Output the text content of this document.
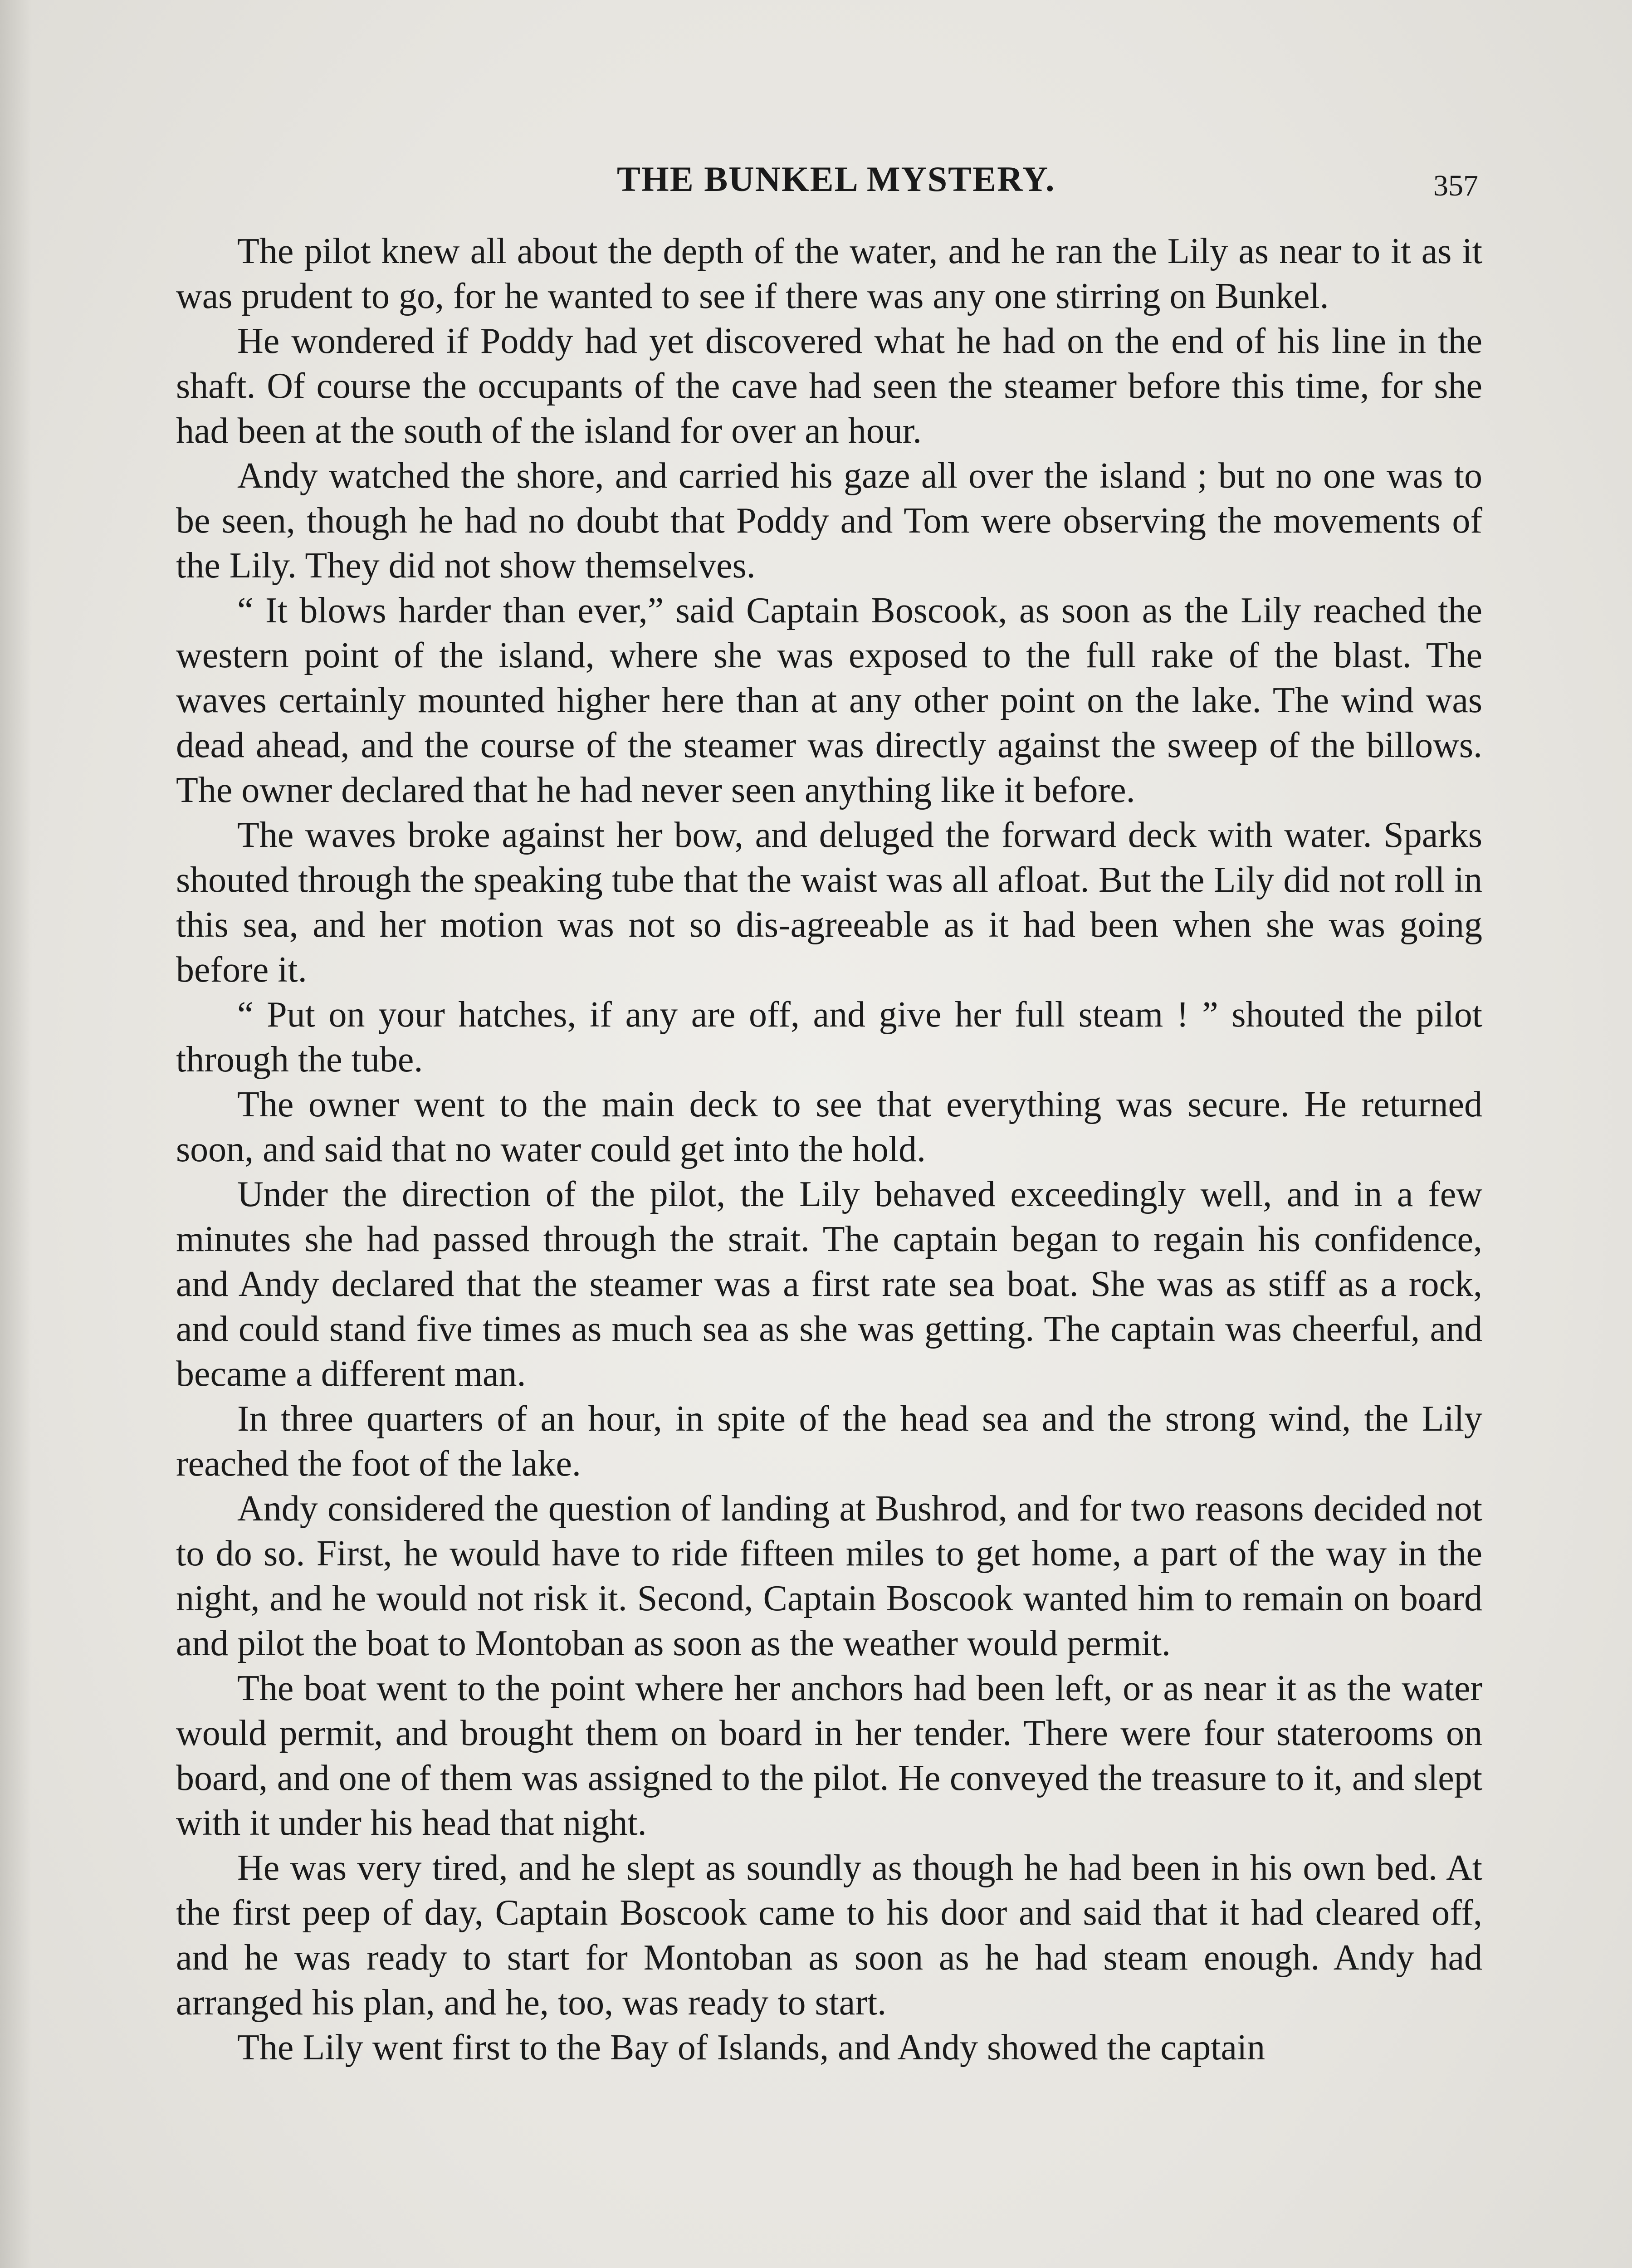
THE BUNKEL MYSTERY.	357

The pilot knew all about the depth of the water, and he ran the Lily as near to it as it was prudent to go, for he wanted to see if there was any one stirring on Bunkel.

He wondered if Poddy had yet discovered what he had on the end of his line in the shaft. Of course the occupants of the cave had seen the steamer before this time, for she had been at the south of the island for over an hour.

Andy watched the shore, and carried his gaze all over the island ; but no one was to be seen, though he had no doubt that Poddy and Tom were observing the movements of the Lily. They did not show themselves.

“ It blows harder than ever,” said Captain Boscook, as soon as the Lily reached the western point of the island, where she was exposed to the full rake of the blast. The waves certainly mounted higher here than at any other point on the lake. The wind was dead ahead, and the course of the steamer was directly against the sweep of the billows. The owner declared that he had never seen anything like it before.

The waves broke against her bow, and deluged the forward deck with water. Sparks shouted through the speaking tube that the waist was all afloat. But the Lily did not roll in this sea, and her motion was not so dis-agreeable as it had been when she was going before it.

“ Put on your hatches, if any are off, and give her full steam ! ” shouted the pilot through the tube.

The owner went to the main deck to see that everything was secure. He returned soon, and said that no water could get into the hold.

Under the direction of the pilot, the Lily behaved exceedingly well, and in a few minutes she had passed through the strait. The captain began to regain his confidence, and Andy declared that the steamer was a first rate sea boat. She was as stiff as a rock, and could stand five times as much sea as she was getting. The captain was cheerful, and became a different man.

In three quarters of an hour, in spite of the head sea and the strong wind, the Lily reached the foot of the lake.

Andy considered the question of landing at Bushrod, and for two reasons decided not to do so. First, he would have to ride fifteen miles to get home, a part of the way in the night, and he would not risk it. Second, Captain Boscook wanted him to remain on board and pilot the boat to Montoban as soon as the weather would permit.

The boat went to the point where her anchors had been left, or as near it as the water would permit, and brought them on board in her tender. There were four staterooms on board, and one of them was assigned to the pilot. He conveyed the treasure to it, and slept with it under his head that night.

He was very tired, and he slept as soundly as though he had been in his own bed. At the first peep of day, Captain Boscook came to his door and said that it had cleared off, and he was ready to start for Montoban as soon as he had steam enough. Andy had arranged his plan, and he, too, was ready to start.

The Lily went first to the Bay of Islands, and Andy showed the captain
